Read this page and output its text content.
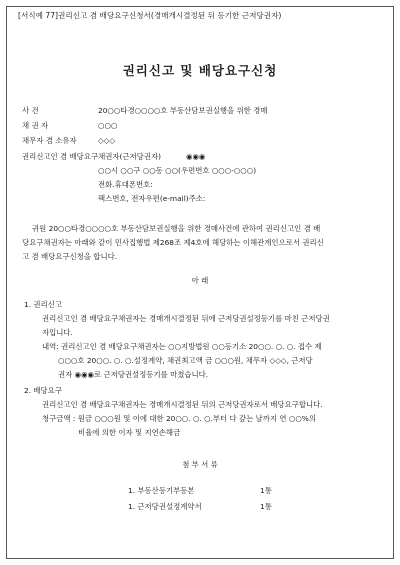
[서식예 77]권리신고 겸 배당요구신청서(경매개시결정된 뒤 등기한 근저당권자)
권리신고 및 배당요구신청
사 건	20○○타경○○○○호 부동산담보권실행을 위한 경매
채 권 자	○○○
채무자 겸 소유자	◇◇◇
권리신고인 겸 배당요구채권자(근저당권자)	◉◉◉
○○시 ○○구 ○○동 ○○(우편번호 ○○○-○○○)
전화.휴대폰번호:
팩스번호, 전자우편(e-mail)주소:
귀원 20○○타경○○○○호 부동산담보권실행을 위한 경매사건에 관하여 권리신고인 겸 배
당요구채권자는 아래와 같이 민사집행법 제268조 제4호에 해당하는 이해관계인으로서 권리신
고 겸 배당요구신청을 합니다.
아 래
1. 권리신고
권리신고인 겸 배당요구채권자는 경매개시결정된 뒤에 근저당권설정등기를 마친 근저당권
자입니다.
내역: 권리신고인 겸 배당요구채권자는 ○○지방법원 ○○등기소 20○○. ○. ○. 접수 제
○○○호 20○○. ○. ○.설정계약, 채권최고액 금 ○○○원, 채무자 ◇◇◇, 근저당
권자 ◉◉◉로 근저당권설정등기를 마쳤습니다.
2. 배당요구
권리신고인 겸 배당요구채권자는 경매개시결정된 뒤의 근저당권자로서 배당요구합니다.
청구금액 : 원금 ○○○원 및 이에 대한 20○○. ○. ○.부터 다 갚는 날까지 연 ○○%의
비율에 의한 이자 및 지연손해금
첨 부 서 류
1. 부동산등기부등본	1통
1. 근저당권설정계약서	1통
